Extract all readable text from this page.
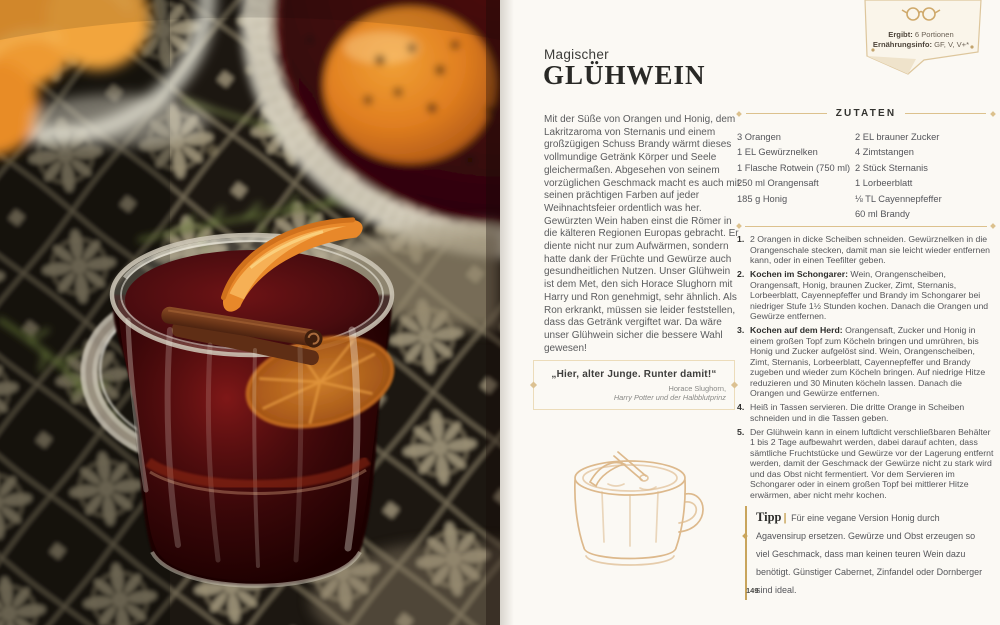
Ergibt: 6 Portionen
Ernährungsinfo: GF, V, V+*
Magischer
GLÜHWEIN
Mit der Süße von Orangen und Honig, dem Lakritzaroma von Sternanis und einem großzügigen Schuss Brandy wärmt dieses vollmundige Getränk Körper und Seele gleichermaßen. Abgesehen von seinem vorzüglichen Geschmack macht es auch mit seinen prächtigen Farben auf jeder Weihnachtsfeier ordentlich was her. Gewürzten Wein haben einst die Römer in die kälteren Regionen Europas gebracht. Er diente nicht nur zum Aufwärmen, sondern hatte dank der Früchte und Gewürze auch gesundheitlichen Nutzen. Unser Glühwein ist dem Met, den sich Horace Slughorn mit Harry und Ron genehmigt, sehr ähnlich. Als Ron erkrankt, müssen sie leider feststellen, dass das Getränk vergiftet war. Da wäre unser Glühwein sicher die bessere Wahl gewesen!
„Hier, alter Junge. Runter damit!“
Horace Slughorn,
Harry Potter und der Halbblutprinz
ZUTATEN
3 Orangen
1 EL Gewürznelken
1 Flasche Rotwein (750 ml)
250 ml Orangensaft
185 g Honig
2 EL brauner Zucker
4 Zimtstangen
2 Stück Sternanis
1 Lorbeerblatt
⅛ TL Cayennepfeffer
60 ml Brandy
1. 2 Orangen in dicke Scheiben schneiden. Gewürznelken in die Orangenschale stecken, damit man sie leicht wieder entfernen kann, oder in einen Teefilter geben.
2. Kochen im Schongarer: Wein, Orangenscheiben, Orangensaft, Honig, braunen Zucker, Zimt, Sternanis, Lorbeerblatt, Cayennepfeffer und Brandy im Schongarer bei niedriger Stufe 1½ Stunden kochen. Danach die Orangen und Gewürze entfernen.
3. Kochen auf dem Herd: Orangensaft, Zucker und Honig in einem großen Topf zum Köcheln bringen und umrühren, bis Honig und Zucker aufgelöst sind. Wein, Orangenscheiben, Zimt, Sternanis, Lorbeerblatt, Cayennepfeffer und Brandy zugeben und wieder zum Köcheln bringen. Auf niedrige Hitze reduzieren und 30 Minuten köcheln lassen. Danach die Orangen und Gewürze entfernen.
4. Heiß in Tassen servieren. Die dritte Orange in Scheiben schneiden und in die Tassen geben.
5. Der Glühwein kann in einem luftdicht verschließbaren Behälter 1 bis 2 Tage aufbewahrt werden, dabei darauf achten, dass sämtliche Fruchtstücke und Gewürze vor der Lagerung entfernt werden, damit der Geschmack der Gewürze nicht zu stark wird und das Obst nicht fermentiert. Vor dem Servieren im Schongarer oder in einem großen Topf bei mittlerer Hitze erwärmen, aber nicht mehr kochen.
Tipp | Für eine vegane Version Honig durch Agavensirup ersetzen. Gewürze und Obst erzeugen so viel Geschmack, dass man keinen teuren Wein dazu benötigt. Günstiger Cabernet, Zinfandel oder Dornberger sind ideal.
149
